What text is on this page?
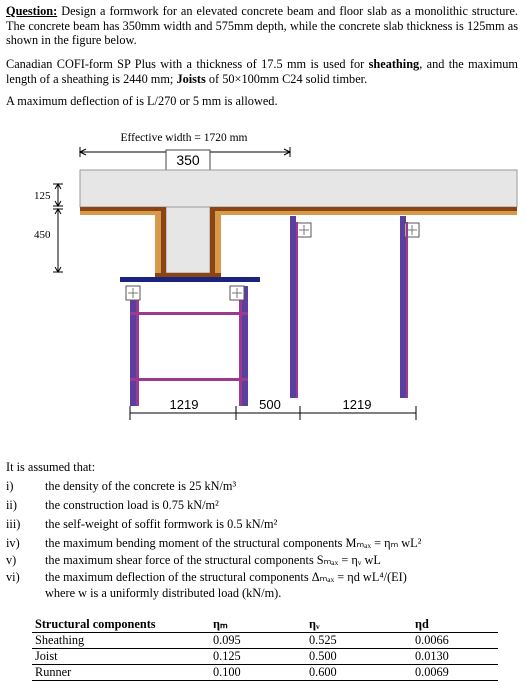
Question: Design a formwork for an elevated concrete beam and floor slab as a monolithic structure. The concrete beam has 350mm width and 575mm depth, while the concrete slab thickness is 125mm as shown in the figure below.

Canadian COFI-form SP Plus with a thickness of 17.5 mm is used for sheathing, and the maximum length of a sheathing is 2440 mm; Joists of 50×100mm C24 solid timber.

A maximum deflection of is L/270 or 5 mm is allowed.

Effective width = 1720 mm
350
125
450
1219	500	1219
It is assumed that:
i)	the density of the concrete is 25 kN/m³
ii)	the construction load is 0.75 kN/m²
iii)	the self-weight of soffit formwork is 0.5 kN/m²
iv)	the maximum bending moment of the structural components Mₘₐₓ = ηₘ wL²
v)	the maximum shear force of the structural components Sₘₐₓ = ηᵥ wL
vi)	the maximum deflection of the structural components Δₘₐₓ = ηd wL⁴/(EI)
where w is a uniformly distributed load (kN/m).
Structural components	ηₘ	ηᵥ	ηd
Sheathing	0.095	0.525	0.0066
Joist	0.125	0.500	0.0130
Runner	0.100	0.600	0.0069
